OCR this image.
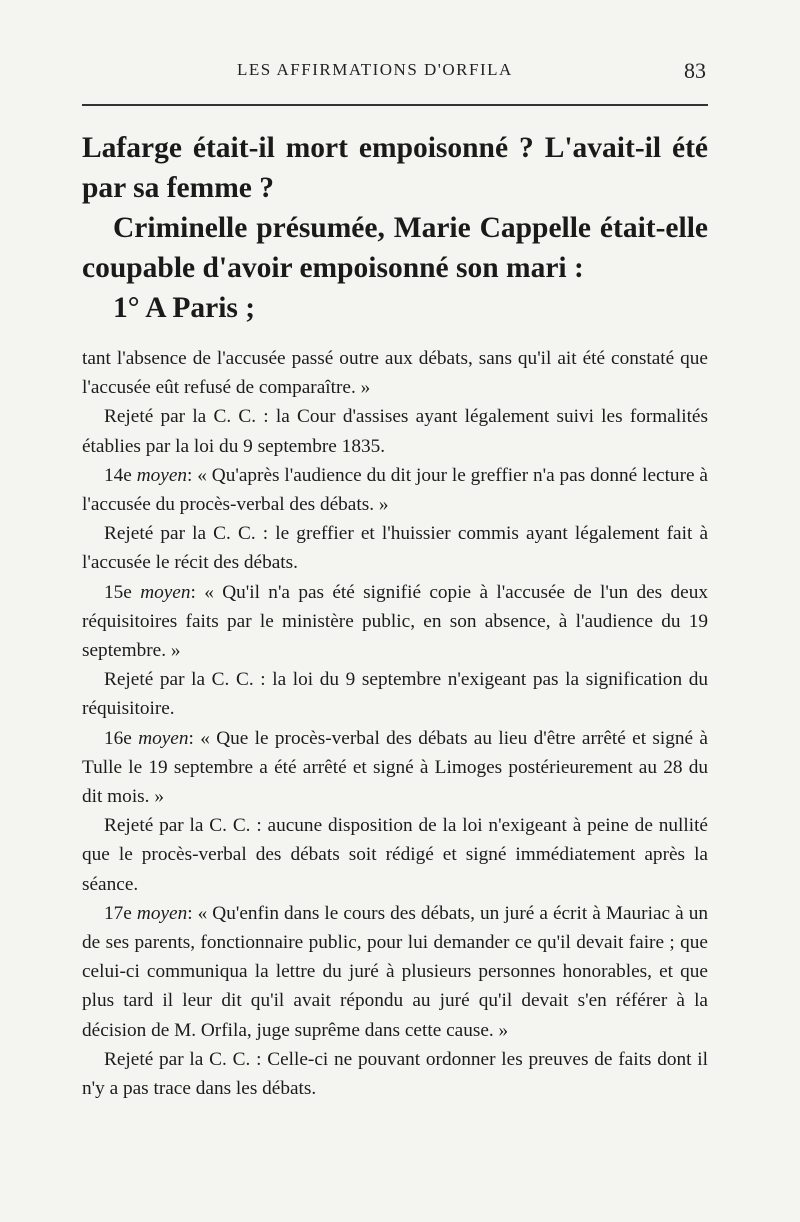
LES AFFIRMATIONS D'ORFILA	83

Lafarge était-il mort empoisonné ? L'avait-il été par sa femme ?

Criminelle présumée, Marie Cappelle était-elle coupable d'avoir empoisonné son mari :

1° A Paris ;

tant l'absence de l'accusée passé outre aux débats, sans qu'il ait été constaté que l'accusée eût refusé de comparaître. »

Rejeté par la C. C. : la Cour d'assises ayant légalement suivi les formalités établies par la loi du 9 septembre 1835.

14e moyen: « Qu'après l'audience du dit jour le greffier n'a pas donné lecture à l'accusée du procès-verbal des débats. »

Rejeté par la C. C. : le greffier et l'huissier commis ayant légalement fait à l'accusée le récit des débats.

15e moyen: « Qu'il n'a pas été signifié copie à l'accusée de l'un des deux réquisitoires faits par le ministère public, en son absence, à l'audience du 19 septembre. »

Rejeté par la C. C. : la loi du 9 septembre n'exigeant pas la signification du réquisitoire.

16e moyen: « Que le procès-verbal des débats au lieu d'être arrêté et signé à Tulle le 19 septembre a été arrêté et signé à Limoges postérieurement au 28 du dit mois. »

Rejeté par la C. C. : aucune disposition de la loi n'exigeant à peine de nullité que le procès-verbal des débats soit rédigé et signé immédiatement après la séance.

17e moyen: « Qu'enfin dans le cours des débats, un juré a écrit à Mauriac à un de ses parents, fonctionnaire public, pour lui demander ce qu'il devait faire ; que celui-ci communiqua la lettre du juré à plusieurs personnes honorables, et que plus tard il leur dit qu'il avait répondu au juré qu'il devait s'en référer à la décision de M. Orfila, juge suprême dans cette cause. »

Rejeté par la C. C. : Celle-ci ne pouvant ordonner les preuves de faits dont il n'y a pas trace dans les débats.
